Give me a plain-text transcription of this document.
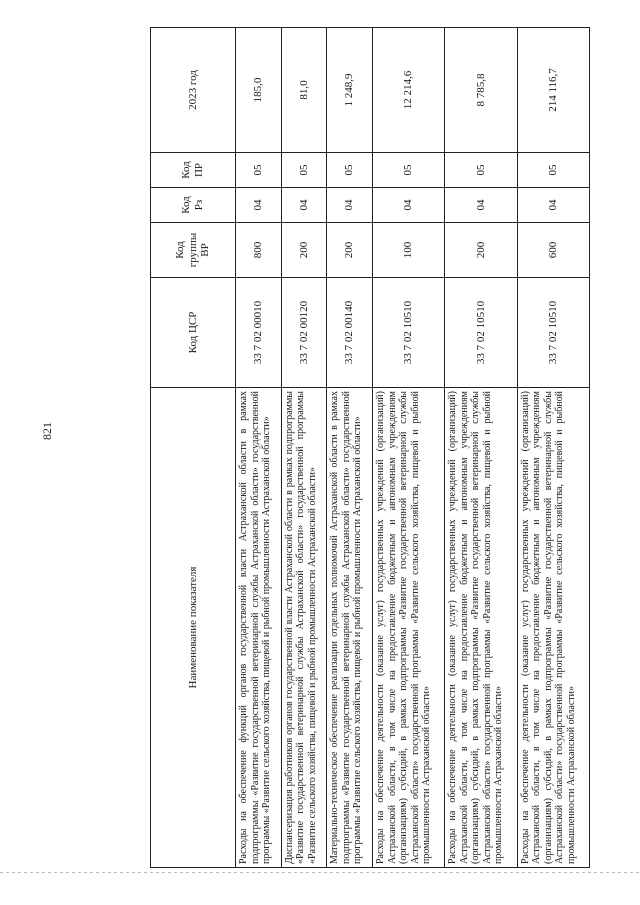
821
Наименование показателя	Код ЦСР	Код группы ВР	Код Рз	Код ПР	2023 год
Расходы на обеспечение функций органов государственной власти Астраханской области в рамках подпрограммы «Развитие государственной ветеринарной службы Астраханской области» государственной программы «Развитие сельского хозяйства, пищевой и рыбной промышленности Астраханской области»	33 7 02 00010	800	04	05	185,0
Диспансеризация работников органов государственной власти Астраханской области в рамках подпрограммы «Развитие государственной ветеринарной службы Астраханской области» государственной программы «Развитие сельского хозяйства, пищевой и рыбной промышленности Астраханской области»	33 7 02 00120	200	04	05	81,0
Материально-техническое обеспечение реализации отдельных полномочий Астраханской области в рамках подпрограммы «Развитие государственной ветеринарной службы Астраханской области» государственной программы «Развитие сельского хозяйства, пищевой и рыбной промышленности Астраханской области»	33 7 02 00140	200	04	05	1 248,9
Расходы на обеспечение деятельности (оказание услуг) государственных учреждений (организаций) Астраханской области, в том числе на предоставление бюджетным и автономным учреждениям (организациям) субсидий, в рамках подпрограммы «Развитие государственной ветеринарной службы Астраханской области» государственной программы «Развитие сельского хозяйства, пищевой и рыбной промышленности Астраханской области»	33 7 02 10510	100	04	05	12 214,6
Расходы на обеспечение деятельности (оказание услуг) государственных учреждений (организаций) Астраханской области, в том числе на предоставление бюджетным и автономным учреждениям (организациям) субсидий, в рамках подпрограммы «Развитие государственной ветеринарной службы Астраханской области» государственной программы «Развитие сельского хозяйства, пищевой и рыбной промышленности Астраханской области»	33 7 02 10510	200	04	05	8 785,8
Расходы на обеспечение деятельности (оказание услуг) государственных учреждений (организаций) Астраханской области, в том числе на предоставление бюджетным и автономным учреждениям (организациям) субсидий, в рамках подпрограммы «Развитие государственной ветеринарной службы Астраханской области» государственной программы «Развитие сельского хозяйства, пищевой и рыбной промышленности Астраханской области»	33 7 02 10510	600	04	05	214 116,7
